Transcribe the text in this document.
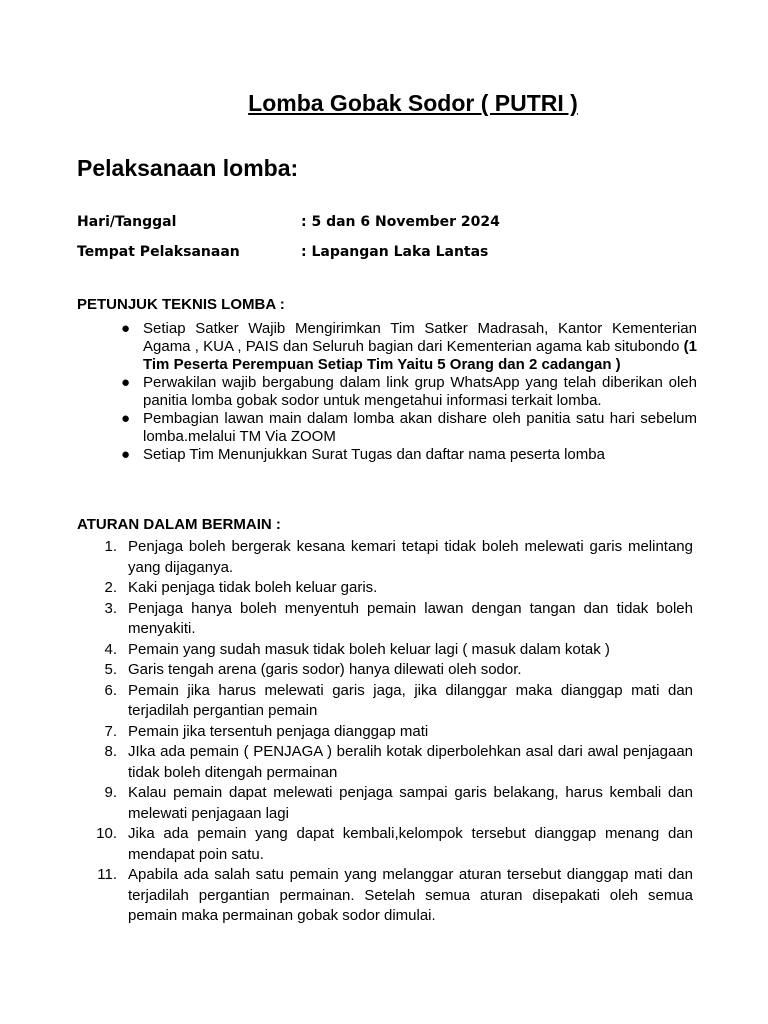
Lomba Gobak Sodor ( PUTRI )
Pelaksanaan lomba:
Hari/Tanggal	: 5 dan 6 November 2024
Tempat Pelaksanaan	: Lapangan Laka Lantas
PETUNJUK TEKNIS LOMBA :
● Setiap Satker Wajib Mengirimkan Tim Satker Madrasah, Kantor Kementerian Agama , KUA , PAIS dan Seluruh bagian dari Kementerian agama kab situbondo (1 Tim Peserta Perempuan Setiap Tim Yaitu 5 Orang dan 2 cadangan )
● Perwakilan wajib bergabung dalam link grup WhatsApp yang telah diberikan oleh panitia lomba gobak sodor untuk mengetahui informasi terkait lomba.
● Pembagian lawan main dalam lomba akan dishare oleh panitia satu hari sebelum lomba.melalui TM Via ZOOM
● Setiap Tim Menunjukkan Surat Tugas dan daftar nama peserta lomba
ATURAN DALAM BERMAIN :
1. Penjaga boleh bergerak kesana kemari tetapi tidak boleh melewati garis melintang yang dijaganya.
2. Kaki penjaga tidak boleh keluar garis.
3. Penjaga hanya boleh menyentuh pemain lawan dengan tangan dan tidak boleh menyakiti.
4. Pemain yang sudah masuk tidak boleh keluar lagi ( masuk dalam kotak )
5. Garis tengah arena (garis sodor) hanya dilewati oleh sodor.
6. Pemain jika harus melewati garis jaga, jika dilanggar maka dianggap mati dan terjadilah pergantian pemain
7. Pemain jika tersentuh penjaga dianggap mati
8. JIka ada pemain ( PENJAGA ) beralih kotak diperbolehkan asal dari awal penjagaan tidak boleh ditengah permainan
9. Kalau pemain dapat melewati penjaga sampai garis belakang, harus kembali dan melewati penjagaan lagi
10. Jika ada pemain yang dapat kembali,kelompok tersebut dianggap menang dan mendapat poin satu.
11. Apabila ada salah satu pemain yang melanggar aturan tersebut dianggap mati dan terjadilah pergantian permainan. Setelah semua aturan disepakati oleh semua pemain maka permainan gobak sodor dimulai.
